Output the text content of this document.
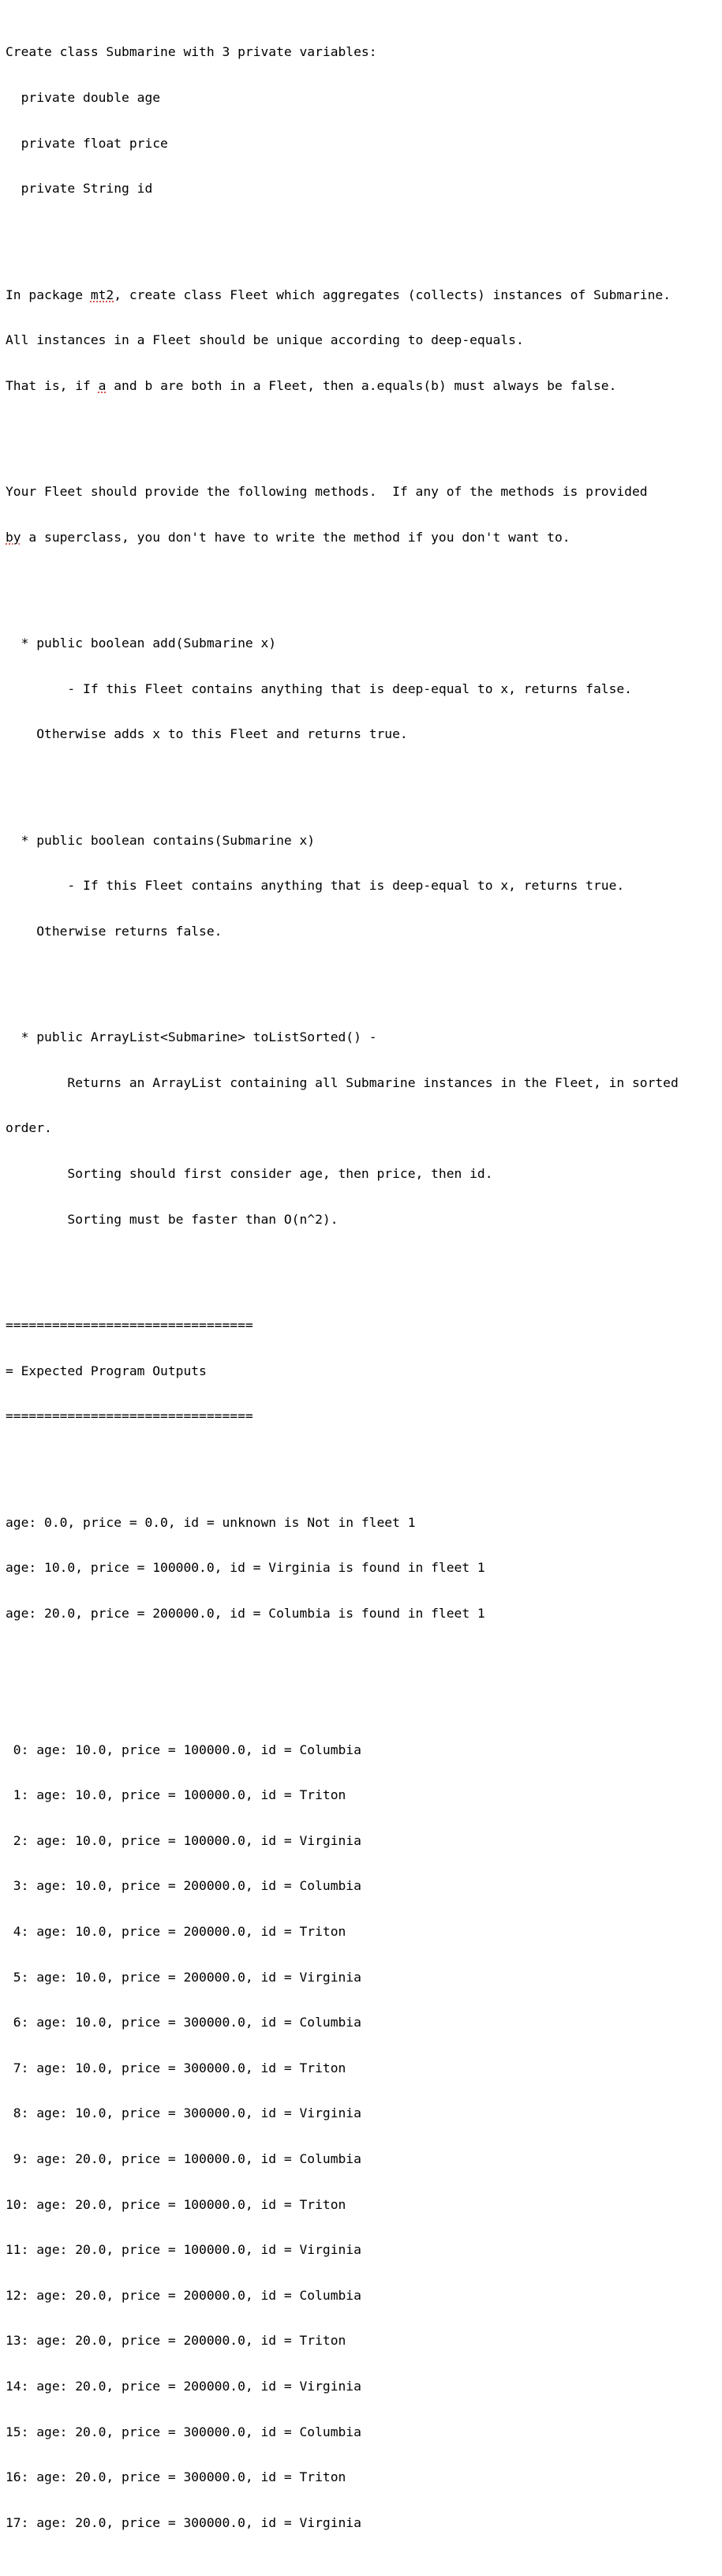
Create class Submarine with 3 private variables:

private double age

private float price

private String id

In package mt2, create class Fleet which aggregates (collects) instances of Submarine.

All instances in a Fleet should be unique according to deep-equals.

That is, if a and b are both in a Fleet, then a.equals(b) must always be false.

Your Fleet should provide the following methods.  If any of the methods is provided

by a superclass, you don't have to write the method if you don't want to.

* public boolean add(Submarine x)

- If this Fleet contains anything that is deep-equal to x, returns false.

Otherwise adds x to this Fleet and returns true.

* public boolean contains(Submarine x)

- If this Fleet contains anything that is deep-equal to x, returns true.

Otherwise returns false.

* public ArrayList<Submarine> toListSorted() -

Returns an ArrayList containing all Submarine instances in the Fleet, in sorted

order.

Sorting should first consider age, then price, then id.

Sorting must be faster than O(n^2).

================================

= Expected Program Outputs

================================

age: 0.0, price = 0.0, id = unknown is Not in fleet 1

age: 10.0, price = 100000.0, id = Virginia is found in fleet 1

age: 20.0, price = 200000.0, id = Columbia is found in fleet 1

0: age: 10.0, price = 100000.0, id = Columbia

1: age: 10.0, price = 100000.0, id = Triton

2: age: 10.0, price = 100000.0, id = Virginia

3: age: 10.0, price = 200000.0, id = Columbia

4: age: 10.0, price = 200000.0, id = Triton

5: age: 10.0, price = 200000.0, id = Virginia

6: age: 10.0, price = 300000.0, id = Columbia

7: age: 10.0, price = 300000.0, id = Triton

8: age: 10.0, price = 300000.0, id = Virginia

9: age: 20.0, price = 100000.0, id = Columbia

10: age: 20.0, price = 100000.0, id = Triton

11: age: 20.0, price = 100000.0, id = Virginia

12: age: 20.0, price = 200000.0, id = Columbia

13: age: 20.0, price = 200000.0, id = Triton

14: age: 20.0, price = 200000.0, id = Virginia

15: age: 20.0, price = 300000.0, id = Columbia

16: age: 20.0, price = 300000.0, id = Triton

17: age: 20.0, price = 300000.0, id = Virginia
